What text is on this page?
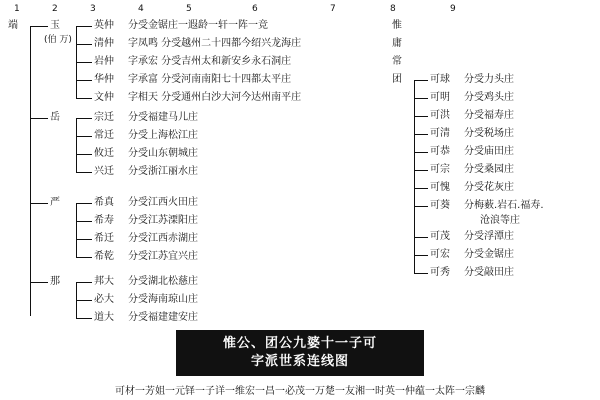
1	2	3	4	5	6	7	8	9
端	玉
(伯 万)
岳
严
那
英仲 分受金锯庄一遐龄一轩一阵一竞
清仲 字凤鸣 分受越州二十四都今绍兴龙海庄
岩仲 字承宏 分受吉州太和新安乡永石洞庄
华仲 字承富 分受河南南阳七十四都太平庄
文仲 字相天 分受通州白沙大河今达州南平庄
宗迁 分受福建马儿庄
常迁 分受上海松江庄
攸迁 分受山东朝城庄
兴迁 分受浙江丽水庄
希真 分受江西火田庄
希寿 分受江苏溧阳庄
希迁 分受江西赤湖庄
希乾 分受江苏宜兴庄
邦大 分受湖北松慈庄
必大 分受海南琼山庄
道大 分受福建建安庄
惟
庸
常
团	可球 分受力头庄
可明 分受鸡头庄
可洪 分受福寿庄
可清 分受税场庄
可恭 分受庙田庄
可宗 分受桑园庄
可愧 分受花灰庄
可葵 分梅薮.岩石.福寿.
沧浪等庄
可茂 分受浮潭庄
可宏 分受金锯庄
可秀 分受敲田庄
惟公、团公九婆十一子可
字派世系连线图
可材一芳姐一元铎一子详一维宏一昌一必茂一万楚一友湘一时英一仲蕴一太阵一宗麟
